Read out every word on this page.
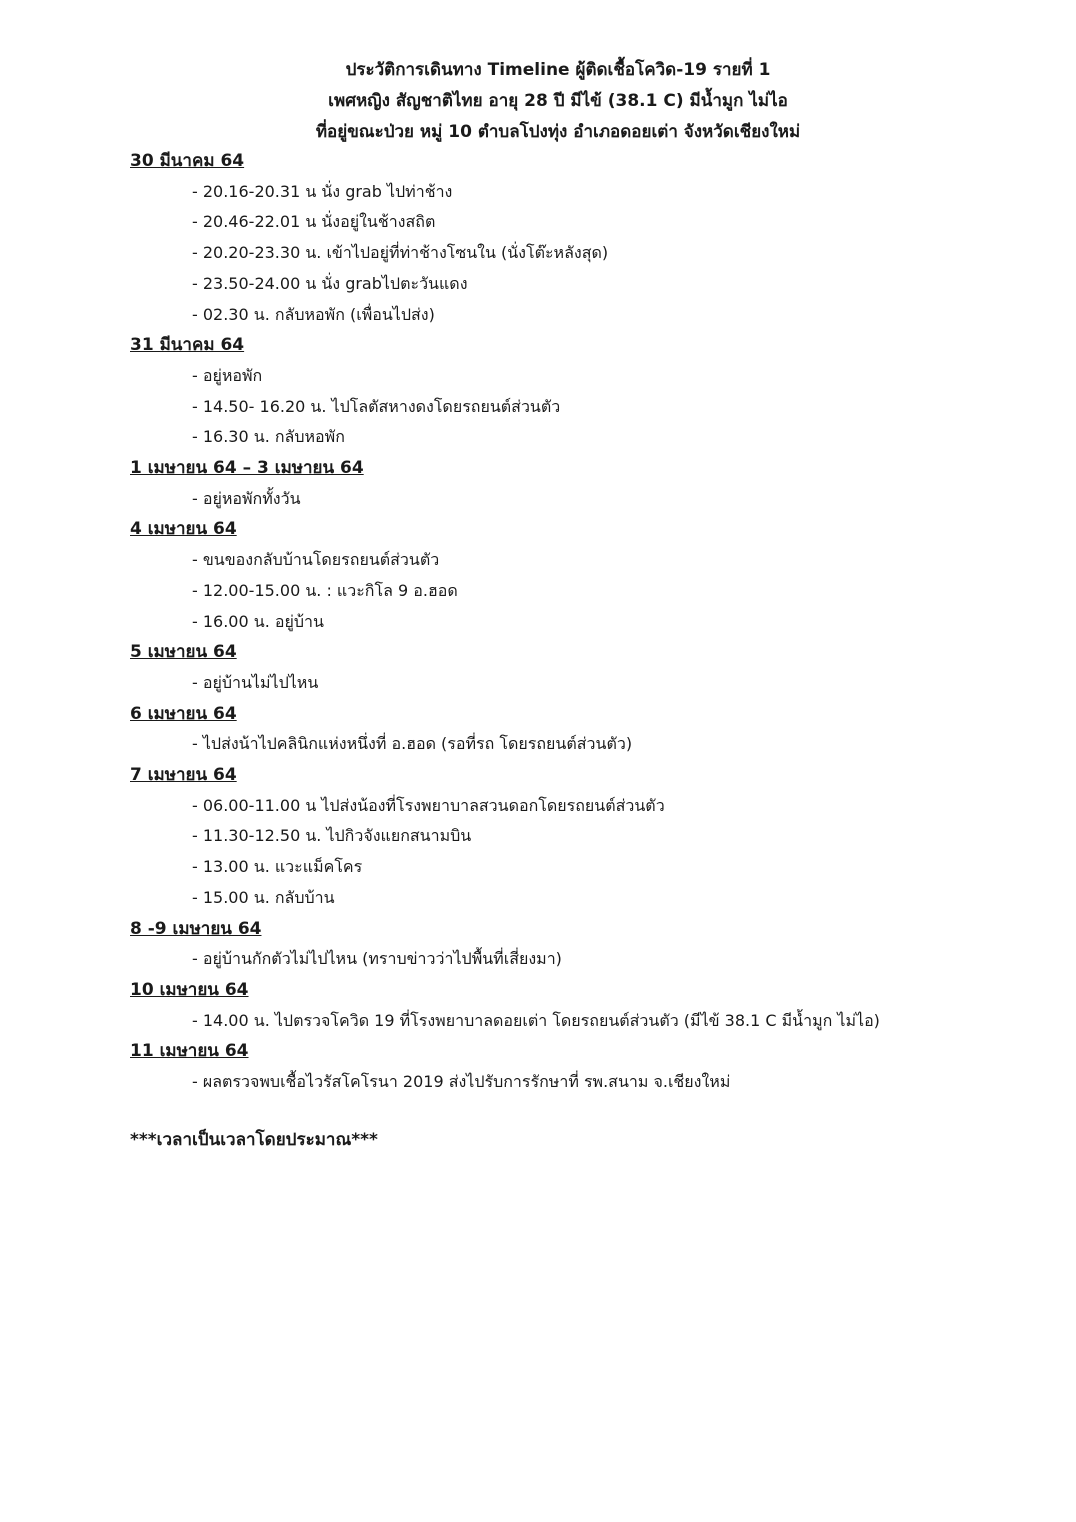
ประวัติการเดินทาง Timeline ผู้ติดเชื้อโควิด-19 รายที่ 1
เพศหญิง สัญชาติไทย อายุ 28 ปี มีไข้ (38.1 C) มีน้ำมูก ไม่ไอ
ที่อยู่ขณะป่วย หมู่ 10 ตำบลโปงทุ่ง อำเภอดอยเต่า จังหวัดเชียงใหม่
30 มีนาคม 64
- 20.16-20.31 น นั่ง grab ไปท่าช้าง
- 20.46-22.01 น นั่งอยู่ในช้างสถิต
- 20.20-23.30 น. เข้าไปอยู่ที่ท่าช้างโซนใน (นั่งโต๊ะหลังสุด)
- 23.50-24.00 น นั่ง grabไปตะวันแดง
- 02.30 น. กลับหอพัก (เพื่อนไปส่ง)
31 มีนาคม 64
- อยู่หอพัก
- 14.50- 16.20 น. ไปโลตัสหางดงโดยรถยนต์ส่วนตัว
- 16.30 น. กลับหอพัก
1 เมษายน 64 – 3 เมษายน 64
- อยู่หอพักทั้งวัน
4 เมษายน 64
- ขนของกลับบ้านโดยรถยนต์ส่วนตัว
- 12.00-15.00 น. : แวะกิโล 9 อ.ฮอด
- 16.00 น. อยู่บ้าน
5 เมษายน 64
- อยู่บ้านไม่ไปไหน
6 เมษายน 64
- ไปส่งน้าไปคลินิกแห่งหนึ่งที่ อ.ฮอด (รอที่รถ โดยรถยนต์ส่วนตัว)
7 เมษายน 64
- 06.00-11.00 น ไปส่งน้องที่โรงพยาบาลสวนดอกโดยรถยนต์ส่วนตัว
- 11.30-12.50 น. ไปกิวจังแยกสนามบิน
- 13.00 น. แวะแม็คโคร
- 15.00 น. กลับบ้าน
8 -9 เมษายน 64
- อยู่บ้านกักตัวไม่ไปไหน (ทราบข่าวว่าไปพื้นที่เสี่ยงมา)
10 เมษายน 64
- 14.00 น. ไปตรวจโควิด 19 ที่โรงพยาบาลดอยเต่า โดยรถยนต์ส่วนตัว (มีไข้ 38.1 C มีน้ำมูก ไม่ไอ)
11 เมษายน 64
- ผลตรวจพบเชื้อไวรัสโคโรนา 2019 ส่งไปรับการรักษาที่ รพ.สนาม จ.เชียงใหม่
***เวลาเป็นเวลาโดยประมาณ***
